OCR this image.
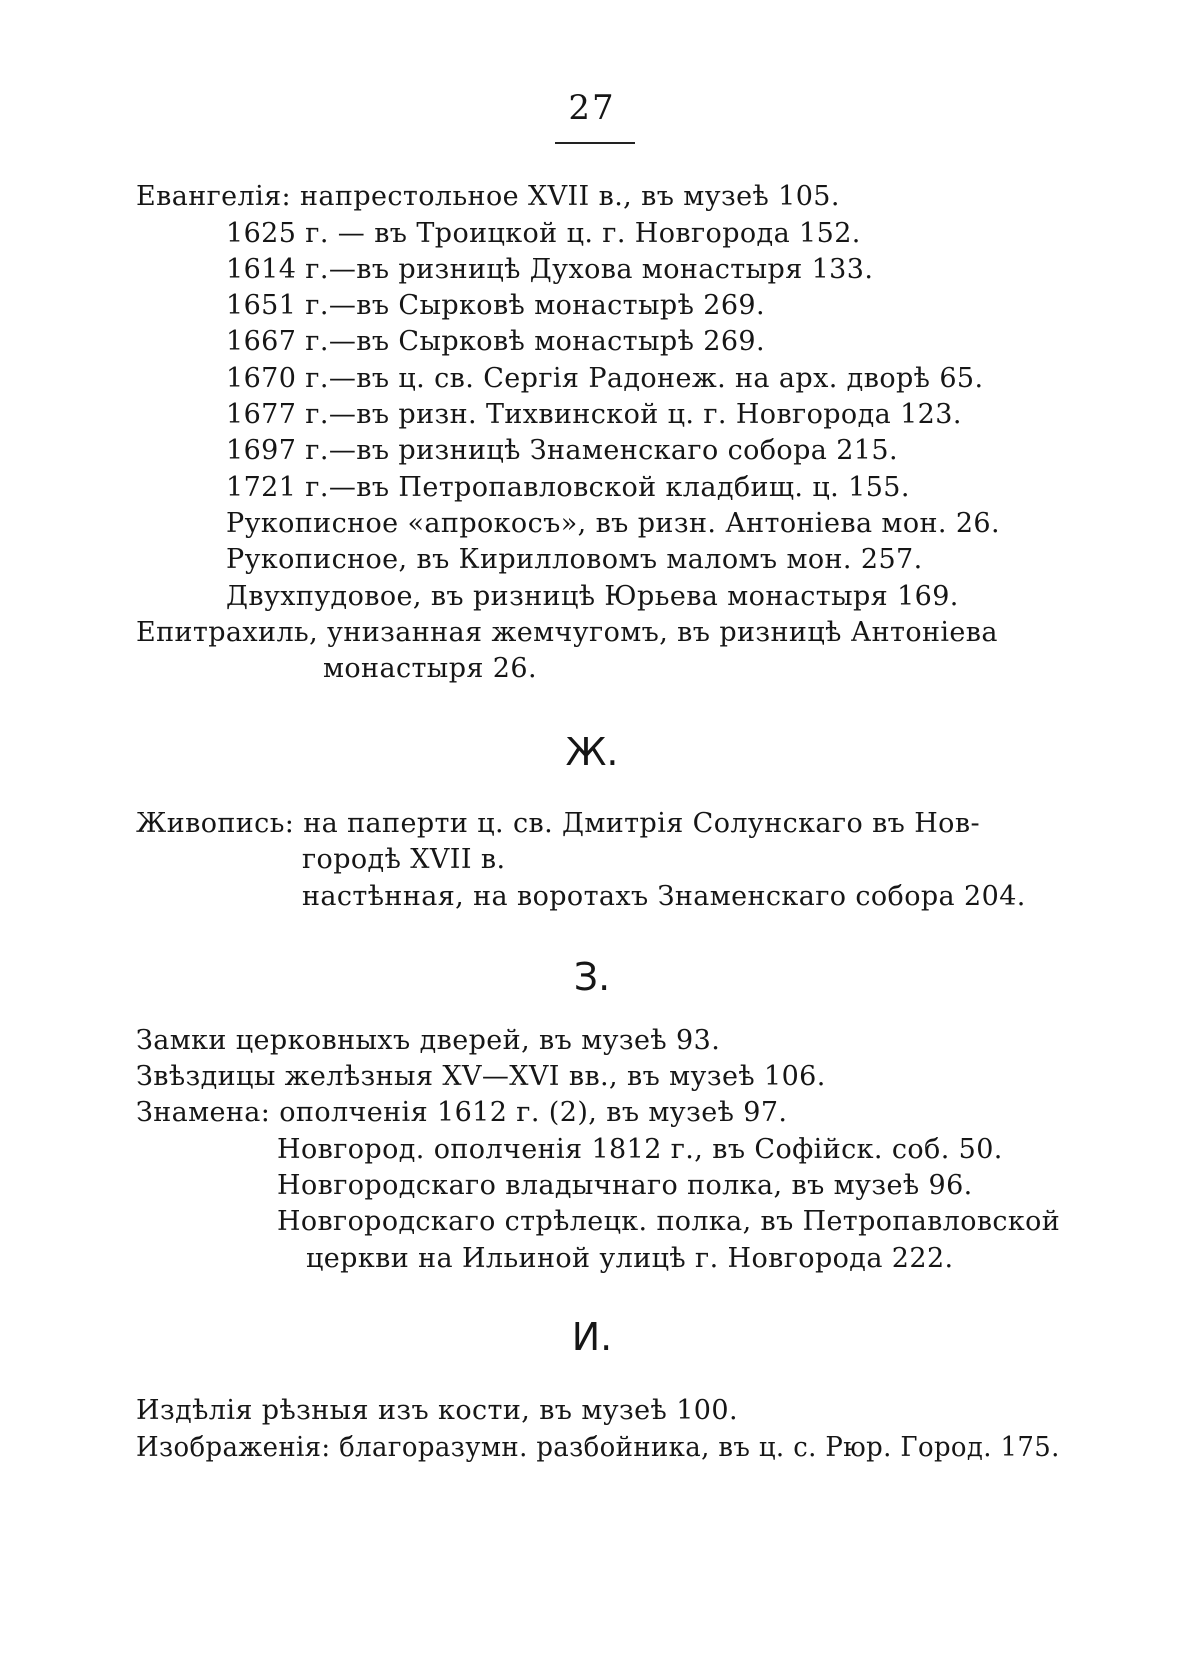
27
Евангелія: напрестольное XVII в., въ музеѣ 105.
1625 г. — въ Троицкой ц. г. Новгорода 152.
1614 г.—въ ризницѣ Духова монастыря 133.
1651 г.—въ Сырковѣ монастырѣ 269.
1667 г.—въ Сырковѣ монастырѣ 269.
1670 г.—въ ц. св. Сергія Радонеж. на арх. дворѣ 65.
1677 г.—въ ризн. Тихвинской ц. г. Новгорода 123.
1697 г.—въ ризницѣ Знаменскаго собора 215.
1721 г.—въ Петропавловской кладбищ. ц. 155.
Рукописное «апрокосъ», въ ризн. Антоніева мон. 26.
Рукописное, въ Кирилловомъ маломъ мон. 257.
Двухпудовое, въ ризницѣ Юрьева монастыря 169.
Епитрахиль, унизанная жемчугомъ, въ ризницѣ Антоніева
монастыря 26.
Ж.
Живопись: на паперти ц. св. Дмитрія Солунскаго въ Нов-
городѣ XVII в.
настѣнная, на воротахъ Знаменскаго собора 204.
З.
Замки церковныхъ дверей, въ музеѣ 93.
Звѣздицы желѣзныя XV—XVI вв., въ музеѣ 106.
Знамена: ополченія 1612 г. (2), въ музеѣ 97.
Новгород. ополченія 1812 г., въ Софійск. соб. 50.
Новгородскаго владычнаго полка, въ музеѣ 96.
Новгородскаго стрѣлецк. полка, въ Петропавловской
церкви на Ильиной улицѣ г. Новгорода 222.
И.
Издѣлія рѣзныя изъ кости, въ музеѣ 100.
Изображенія: благоразумн. разбойника, въ ц. с. Рюр. Город. 175.
